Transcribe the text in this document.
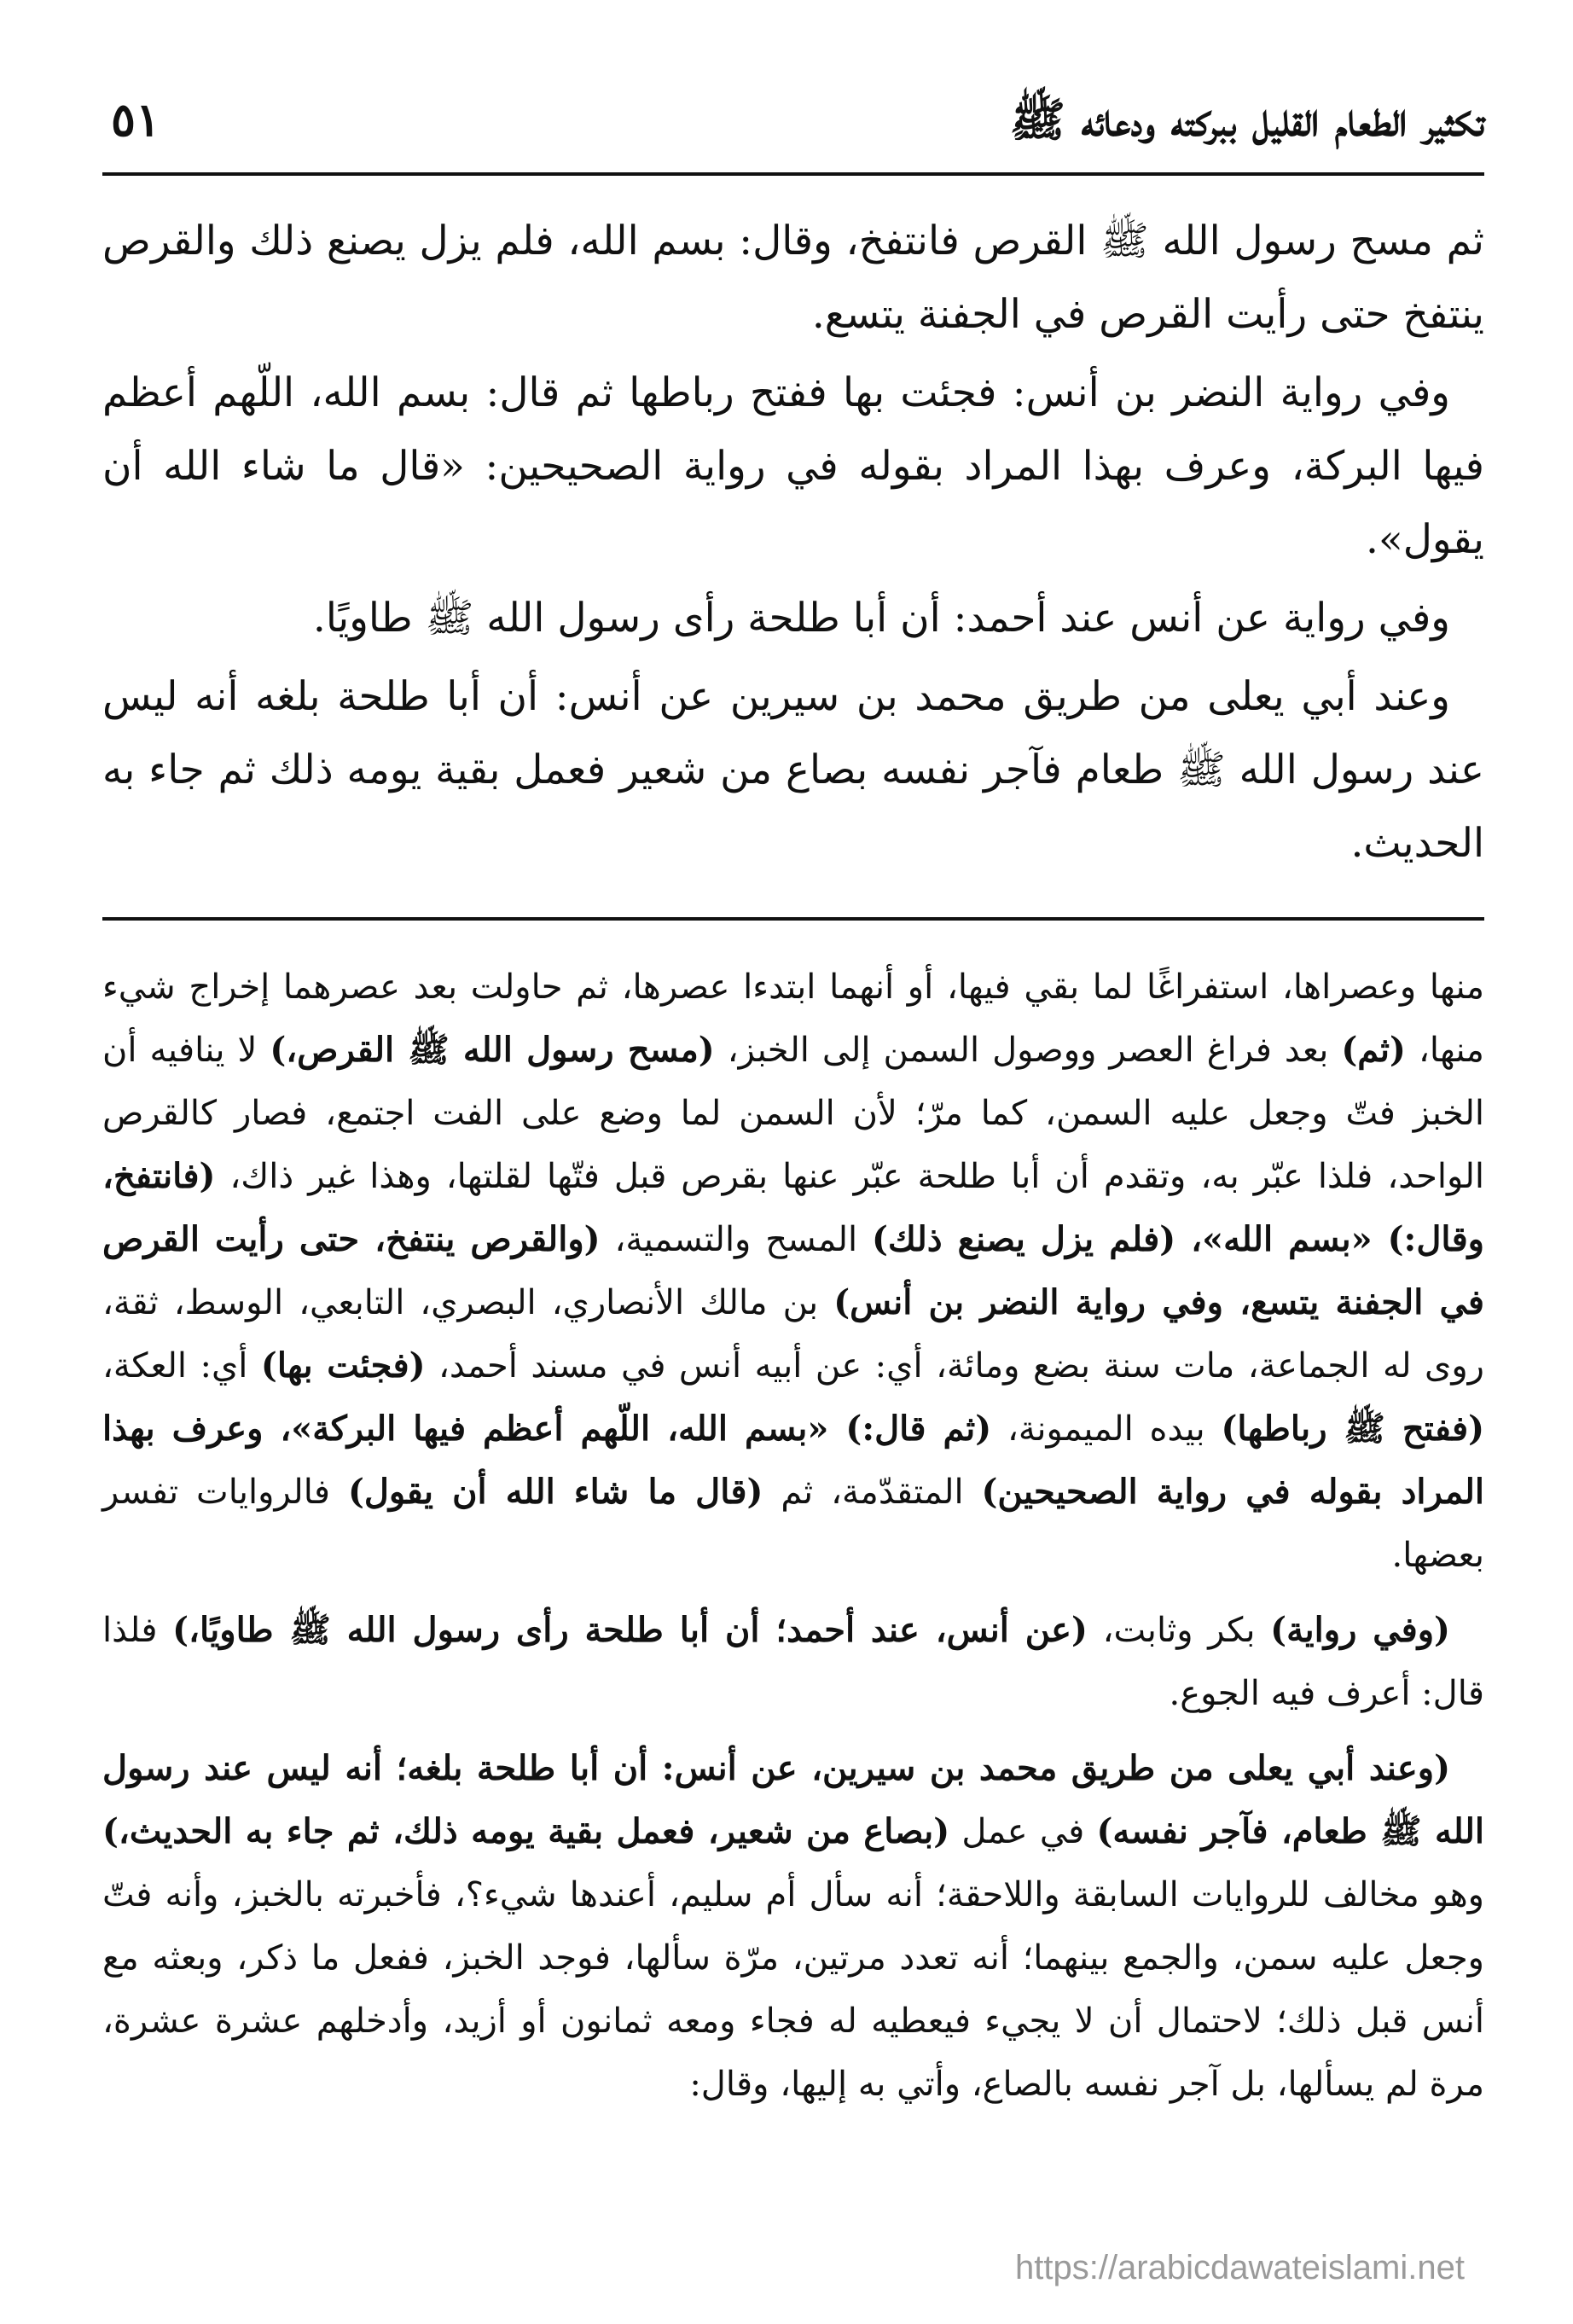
تكثير الطعام القليل ببركته ودعائه ﷺ
٥١

ثم مسح رسول الله ﷺ القرص فانتفخ، وقال: بسم الله، فلم يزل يصنع ذلك والقرص ينتفخ حتى رأيت القرص في الجفنة يتسع.

وفي رواية النضر بن أنس: فجئت بها ففتح رباطها ثم قال: بسم الله، اللّهم أعظم فيها البركة، وعرف بهذا المراد بقوله في رواية الصحيحين: «قال ما شاء الله أن يقول».

وفي رواية عن أنس عند أحمد: أن أبا طلحة رأى رسول الله ﷺ طاويًا.

وعند أبي يعلى من طريق محمد بن سيرين عن أنس: أن أبا طلحة بلغه أنه ليس عند رسول الله ﷺ طعام فآجر نفسه بصاع من شعير فعمل بقية يومه ذلك ثم جاء به الحديث.

منها وعصراها، استفراغًا لما بقي فيها، أو أنهما ابتدءا عصرها، ثم حاولت بعد عصرهما إخراج شيء منها، (ثم) بعد فراغ العصر ووصول السمن إلى الخبز، (مسح رسول الله ﷺ القرص،) لا ينافيه أن الخبز فتّ وجعل عليه السمن، كما مرّ؛ لأن السمن لما وضع على الفت اجتمع، فصار كالقرص الواحد، فلذا عبّر به، وتقدم أن أبا طلحة عبّر عنها بقرص قبل فتّها لقلتها، وهذا غير ذاك، (فانتفخ، وقال:) «بسم الله»، (فلم يزل يصنع ذلك) المسح والتسمية، (والقرص ينتفخ، حتى رأيت القرص في الجفنة يتسع، وفي رواية النضر بن أنس) بن مالك الأنصاري، البصري، التابعي، الوسط، ثقة، روى له الجماعة، مات سنة بضع ومائة، أي: عن أبيه أنس في مسند أحمد، (فجئت بها) أي: العكة، (ففتح ﷺ رباطها) بيده الميمونة، (ثم قال:) «بسم الله، اللّهم أعظم فيها البركة»، وعرف بهذا المراد بقوله في رواية الصحيحين) المتقدّمة، ثم (قال ما شاء الله أن يقول) فالروايات تفسر بعضها.

(وفي رواية) بكر وثابت، (عن أنس، عند أحمد؛ أن أبا طلحة رأى رسول الله ﷺ طاويًا،) فلذا قال: أعرف فيه الجوع.

(وعند أبي يعلى من طريق محمد بن سيرين، عن أنس: أن أبا طلحة بلغه؛ أنه ليس عند رسول الله ﷺ طعام، فآجر نفسه) في عمل (بصاع من شعير، فعمل بقية يومه ذلك، ثم جاء به الحديث،) وهو مخالف للروايات السابقة واللاحقة؛ أنه سأل أم سليم، أعندها شيء؟، فأخبرته بالخبز، وأنه فتّ وجعل عليه سمن، والجمع بينهما؛ أنه تعدد مرتين، مرّة سألها، فوجد الخبز، ففعل ما ذكر، وبعثه مع أنس قبل ذلك؛ لاحتمال أن لا يجيء فيعطيه له فجاء ومعه ثمانون أو أزيد، وأدخلهم عشرة عشرة، مرة لم يسألها، بل آجر نفسه بالصاع، وأتي به إليها، وقال:

https://arabicdawateislami.net
